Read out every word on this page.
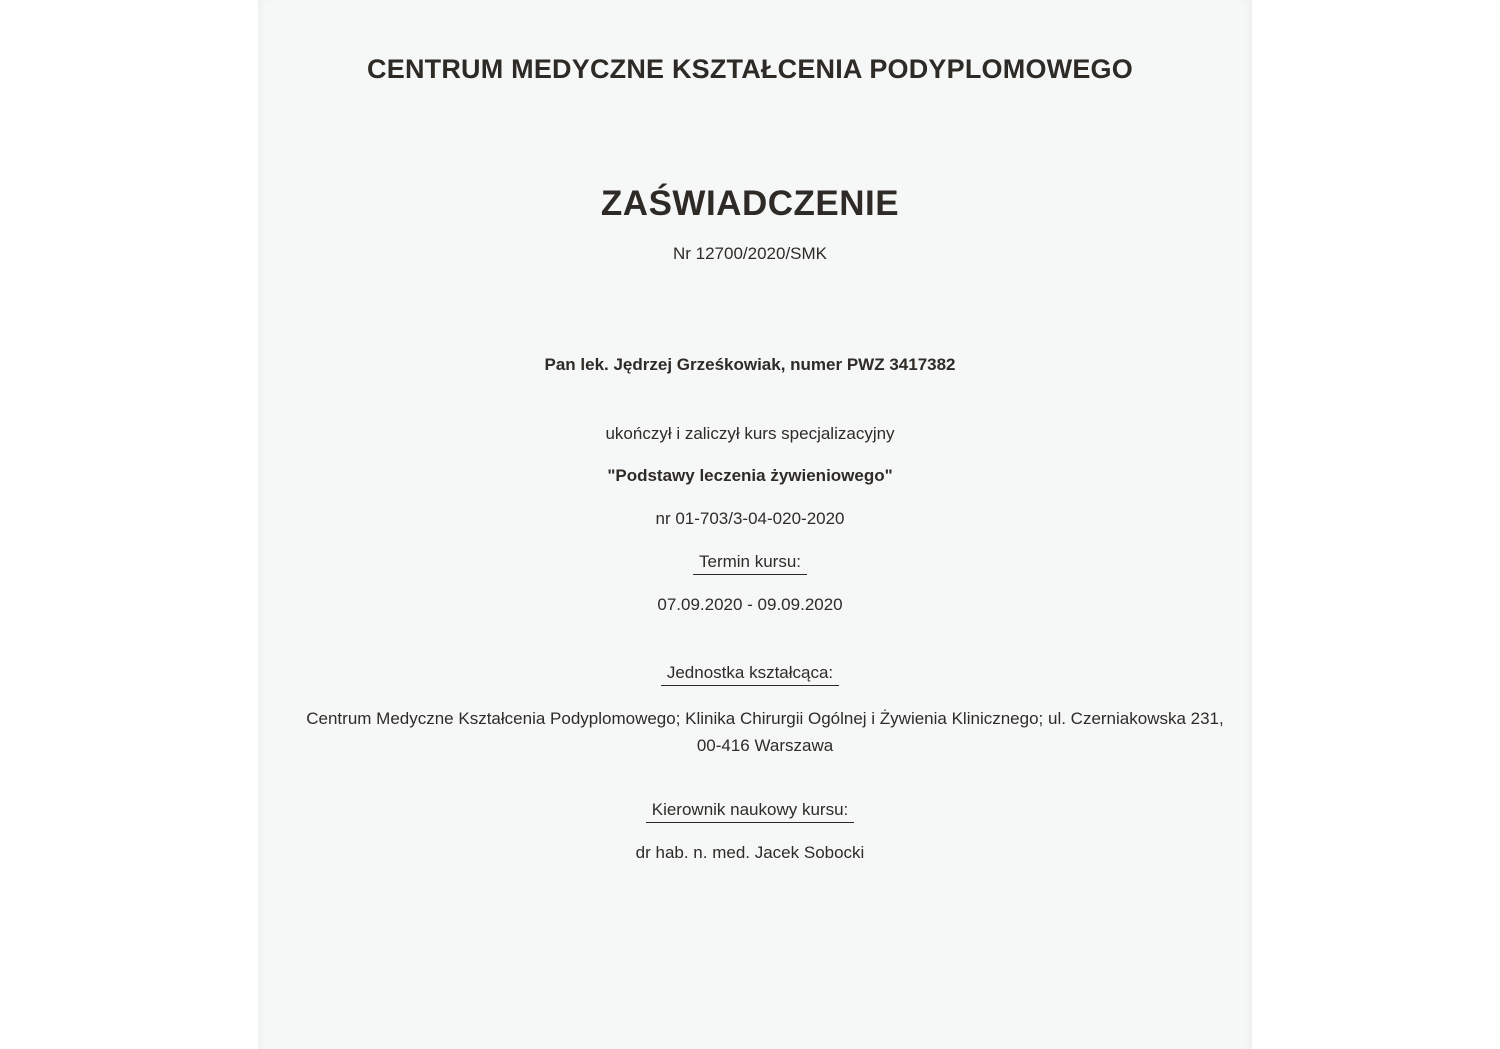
CENTRUM MEDYCZNE KSZTAŁCENIA PODYPLOMOWEGO
ZAŚWIADCZENIE
Nr 12700/2020/SMK
Pan lek. Jędrzej Grześkowiak, numer PWZ 3417382
ukończył i zaliczył kurs specjalizacyjny
"Podstawy leczenia żywieniowego"
nr 01-703/3-04-020-2020
Termin kursu:
07.09.2020 - 09.09.2020
Jednostka kształcąca:
Centrum Medyczne Kształcenia Podyplomowego; Klinika Chirurgii Ogólnej i Żywienia Klinicznego; ul. Czerniakowska 231, 00-416 Warszawa
Kierownik naukowy kursu:
dr hab. n. med. Jacek Sobocki
